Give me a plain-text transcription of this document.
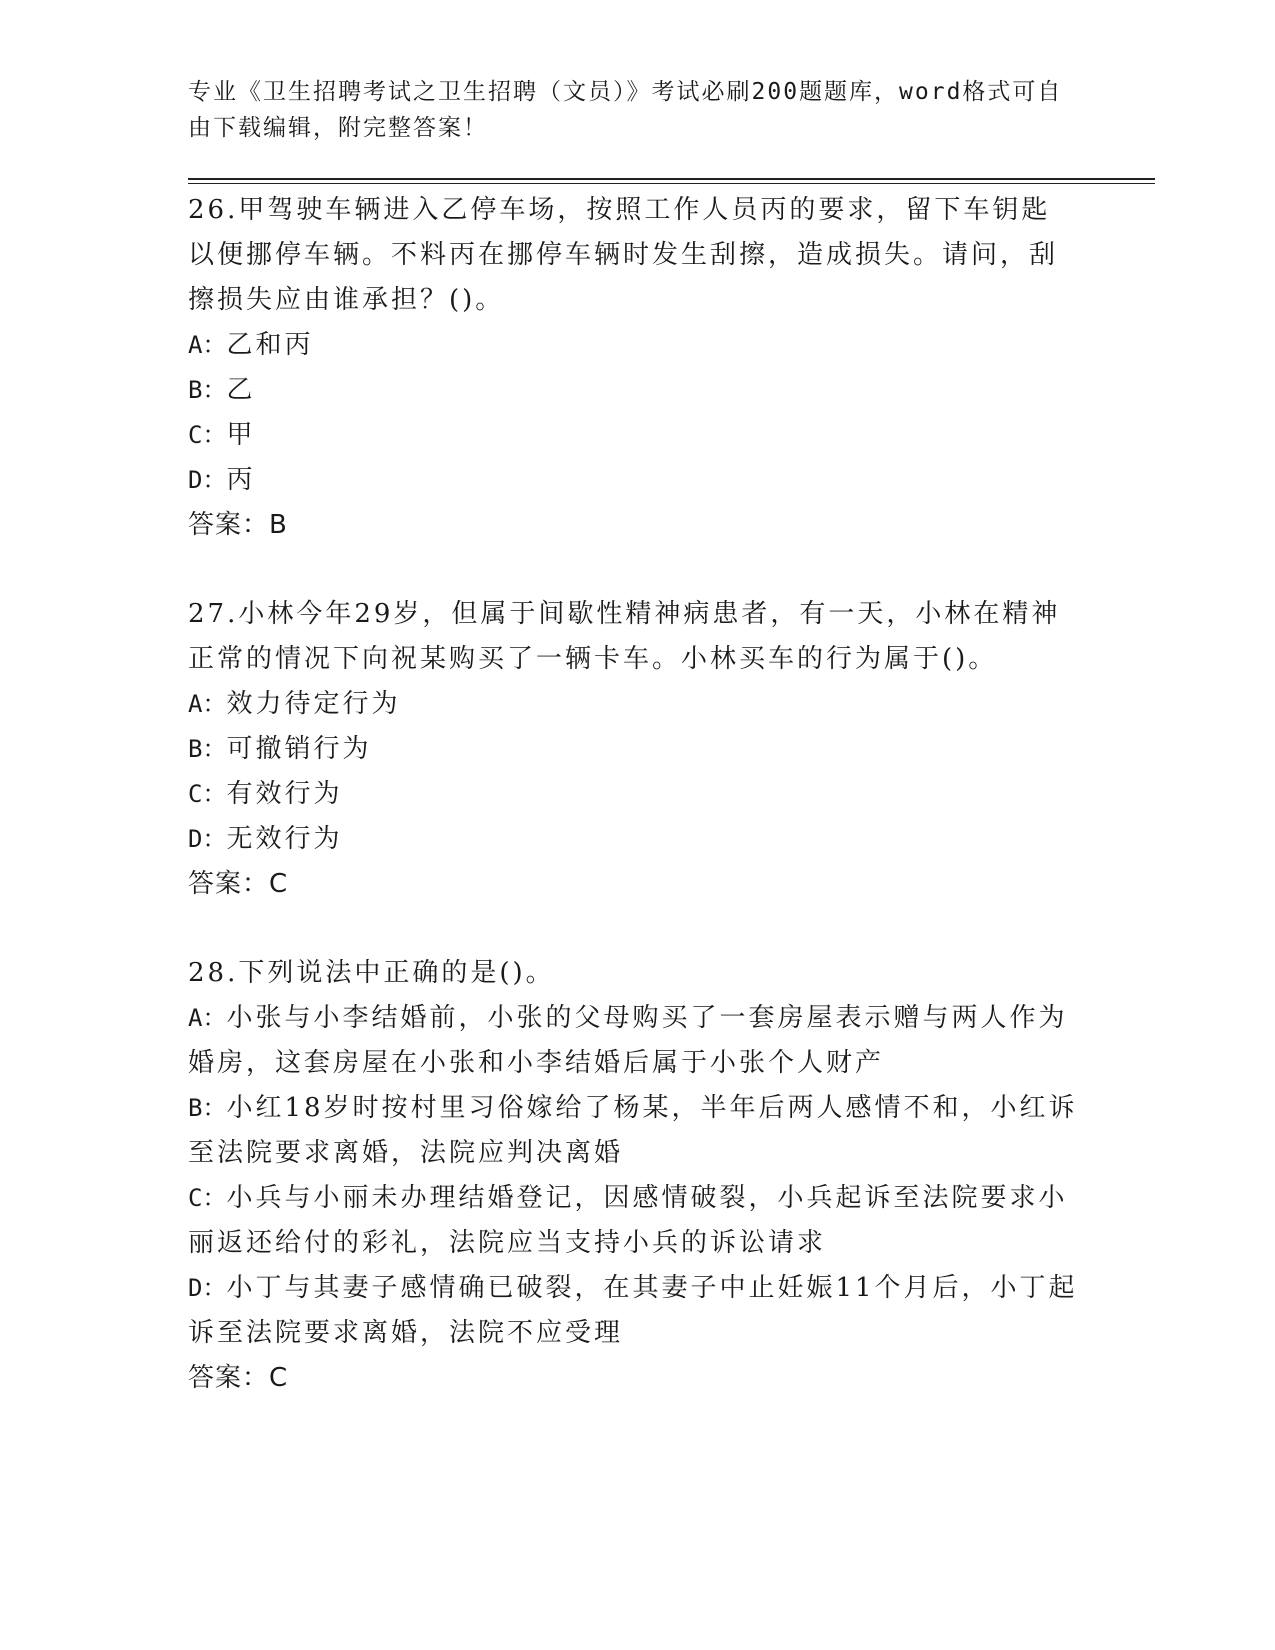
专业《卫生招聘考试之卫生招聘（文员）》考试必刷200题题库，word格式可自由下载编辑，附完整答案！

26.甲驾驶车辆进入乙停车场，按照工作人员丙的要求，留下车钥匙以便挪停车辆。不料丙在挪停车辆时发生刮擦，造成损失。请问，刮擦损失应由谁承担？()。

A：乙和丙

B：乙

C：甲

D：丙

答案：B

27.小林今年29岁，但属于间歇性精神病患者，有一天，小林在精神正常的情况下向祝某购买了一辆卡车。小林买车的行为属于()。

A：效力待定行为

B：可撤销行为

C：有效行为

D：无效行为

答案：C

28.下列说法中正确的是()。

A：小张与小李结婚前，小张的父母购买了一套房屋表示赠与两人作为婚房，这套房屋在小张和小李结婚后属于小张个人财产

B：小红18岁时按村里习俗嫁给了杨某，半年后两人感情不和，小红诉至法院要求离婚，法院应判决离婚

C：小兵与小丽未办理结婚登记，因感情破裂，小兵起诉至法院要求小丽返还给付的彩礼，法院应当支持小兵的诉讼请求

D：小丁与其妻子感情确已破裂，在其妻子中止妊娠11个月后，小丁起诉至法院要求离婚，法院不应受理

答案：C
